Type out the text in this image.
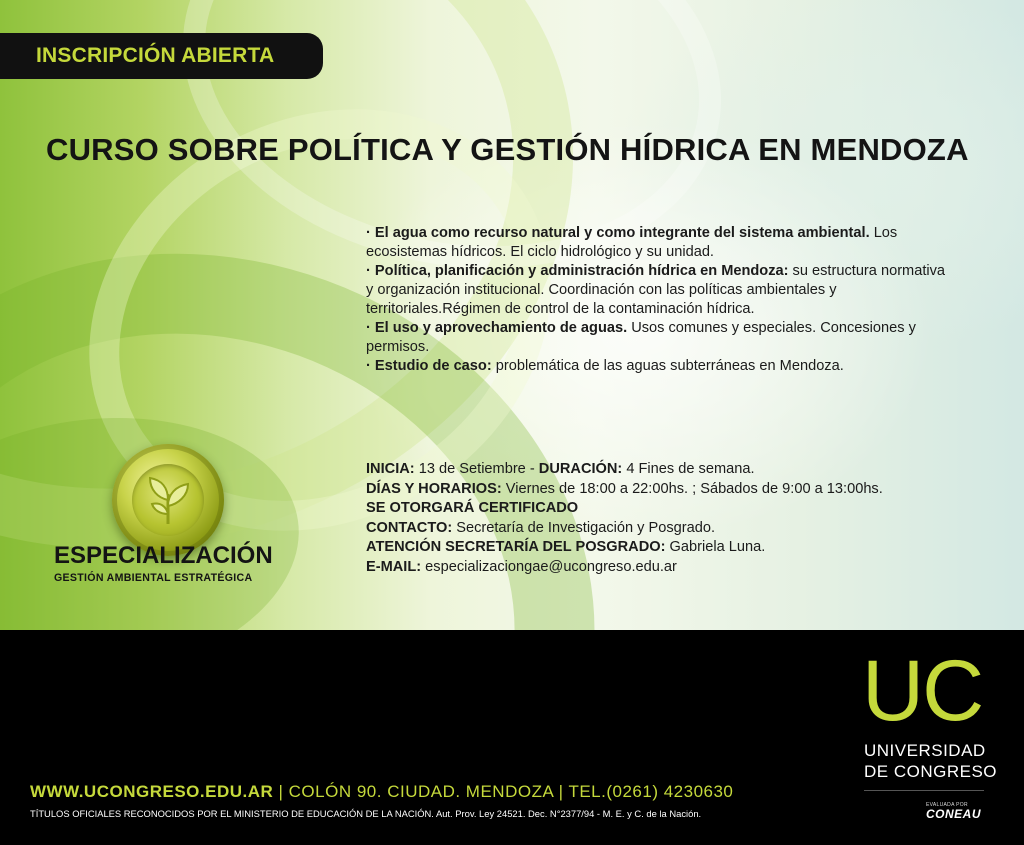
INSCRIPCIÓN ABIERTA
CURSO SOBRE POLÍTICA Y GESTIÓN HÍDRICA EN MENDOZA

· El agua como recurso natural y como integrante del sistema ambiental. Los ecosistemas hídricos. El ciclo hidrológico y su unidad.

· Política, planificación y administración hídrica en Mendoza: su estructura normativa y organización institucional. Coordinación con las políticas ambientales y territoriales.Régimen de control de la contaminación hídrica.

· El uso y aprovechamiento de aguas. Usos comunes y especiales. Concesiones y permisos.

· Estudio de caso: problemática de las aguas subterráneas en Mendoza.

INICIA: 13 de Setiembre - DURACIÓN: 4 Fines de semana.

DÍAS Y HORARIOS: Viernes de 18:00 a 22:00hs. ; Sábados de 9:00 a 13:00hs.

SE OTORGARÁ CERTIFICADO

CONTACTO: Secretaría de Investigación y Posgrado.

ATENCIÓN SECRETARÍA DEL POSGRADO: Gabriela Luna.

E-MAIL: especializaciongae@ucongreso.edu.ar

ESPECIALIZACIÓN
GESTIÓN AMBIENTAL ESTRATÉGICA
WWW.UCONGRESO.EDU.AR | COLÓN 90. CIUDAD. MENDOZA | TEL.(0261) 4230630
TÍTULOS OFICIALES RECONOCIDOS POR EL MINISTERIO DE EDUCACIÓN DE LA NACIÓN. Aut. Prov. Ley 24521. Dec. N°2377/94 - M. E. y C. de la Nación.
UC
UNIVERSIDAD
DE CONGRESO
EVALUADA POR
CONEAU
